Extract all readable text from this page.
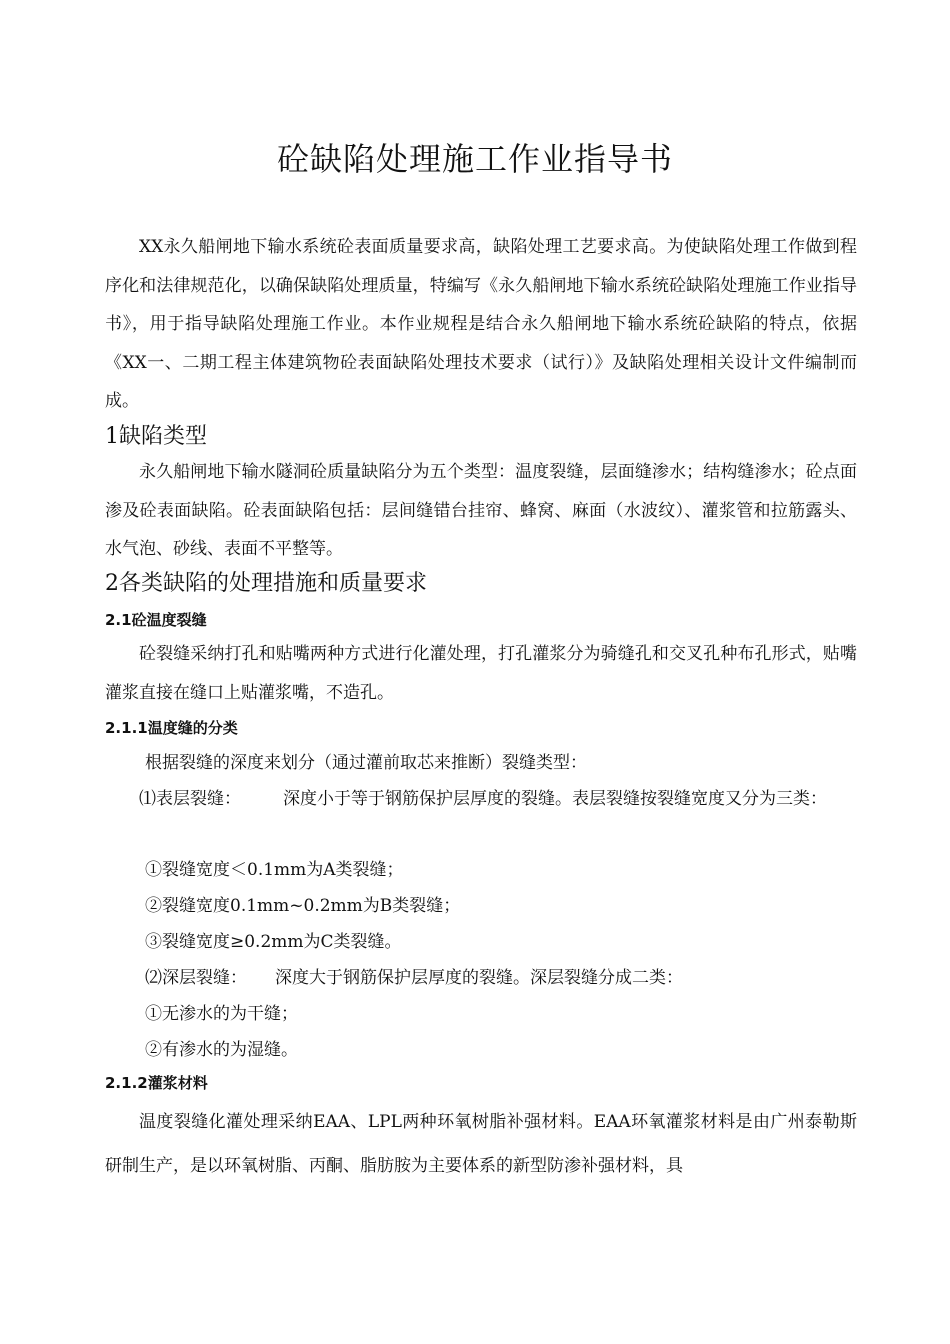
砼缺陷处理施工作业指导书

XX永久船闸地下输水系统砼表面质量要求高，缺陷处理工艺要求高。为使缺陷处理工作做到程序化和法律规范化，以确保缺陷处理质量，特编写《永久船闸地下输水系统砼缺陷处理施工作业指导书》，用于指导缺陷处理施工作业。本作业规程是结合永久船闸地下输水系统砼缺陷的特点，依据《XX一、二期工程主体建筑物砼表面缺陷处理技术要求（试行）》及缺陷处理相关设计文件编制而成。

1缺陷类型

永久船闸地下输水隧洞砼质量缺陷分为五个类型：温度裂缝，层面缝渗水；结构缝渗水；砼点面渗及砼表面缺陷。砼表面缺陷包括：层间缝错台挂帘、蜂窝、麻面（水波纹）、灌浆管和拉筋露头、水气泡、砂线、表面不平整等。

2各类缺陷的处理措施和质量要求
2.1砼温度裂缝

砼裂缝采纳打孔和贴嘴两种方式进行化灌处理，打孔灌浆分为骑缝孔和交叉孔种布孔形式，贴嘴灌浆直接在缝口上贴灌浆嘴，不造孔。

2.1.1温度缝的分类

根据裂缝的深度来划分（通过灌前取芯来推断）裂缝类型：

⑴表层裂缝： 深度小于等于钢筋保护层厚度的裂缝。表层裂缝按裂缝宽度又分为三类：

①裂缝宽度＜0.1mm为A类裂缝；

②裂缝宽度0.1mm~0.2mm为B类裂缝；

③裂缝宽度≥0.2mm为C类裂缝。

⑵深层裂缝： 深度大于钢筋保护层厚度的裂缝。深层裂缝分成二类：

①无渗水的为干缝；

②有渗水的为湿缝。

2.1.2灌浆材料

温度裂缝化灌处理采纳EAA、LPL两种环氧树脂补强材料。EAA环氧灌浆材料是由广州泰勒斯研制生产，是以环氧树脂、丙酮、脂肪胺为主要体系的新型防渗补强材料，具
